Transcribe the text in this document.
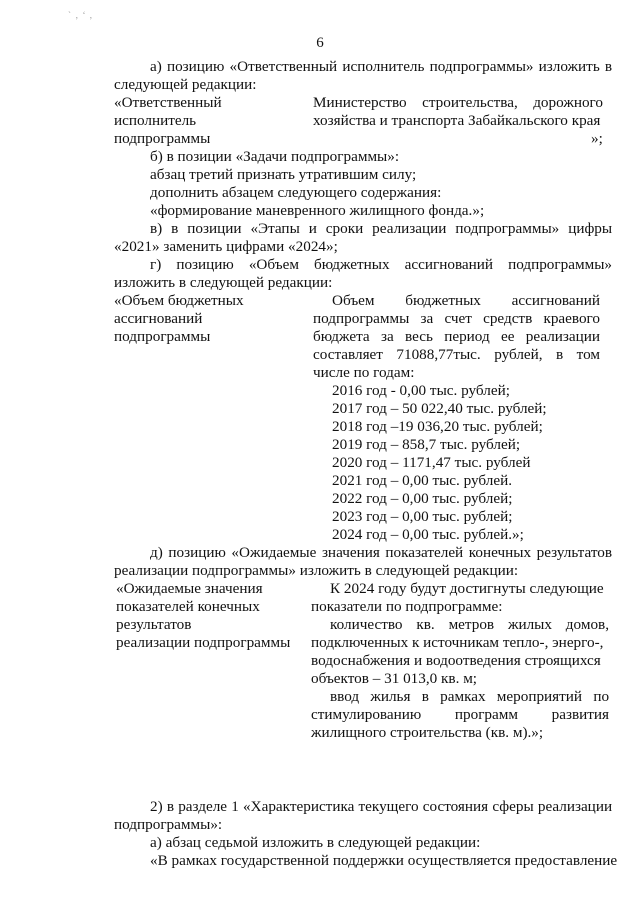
` ‚ ‘ ,
6
а) позицию «Ответственный исполнитель подпрограммы» изложить в
следующей редакции:
«Ответственный
исполнитель
подпрограммы
Министерство строительства, дорожного
хозяйства и транспорта Забайкальского края
»;
б) в позиции «Задачи подпрограммы»:
абзац третий признать утратившим силу;
дополнить абзацем следующего содержания:
«формирование маневренного жилищного фонда.»;
в) в позиции «Этапы и сроки реализации подпрограммы» цифры
«2021» заменить цифрами «2024»;
г) позицию «Объем бюджетных ассигнований подпрограммы»
изложить в следующей редакции:
«Объем бюджетных
ассигнований
подпрограммы
Объем бюджетных ассигнований
подпрограммы за счет средств краевого
бюджета за весь период ее реализации
составляет 71088,77тыс. рублей, в том
числе по годам:
2016 год - 0,00 тыс. рублей;
2017 год – 50 022,40 тыс. рублей;
2018 год –19 036,20 тыс. рублей;
2019 год – 858,7 тыс. рублей;
2020 год – 1171,47 тыс. рублей
2021 год – 0,00 тыс. рублей.
2022 год – 0,00 тыс. рублей;
2023 год – 0,00 тыс. рублей;
2024 год – 0,00 тыс. рублей.»;
д) позицию «Ожидаемые значения показателей конечных результатов
реализации подпрограммы» изложить в следующей редакции:
«Ожидаемые значения
показателей конечных
результатов
реализации подпрограммы
К 2024 году будут достигнуты следующие
показатели по подпрограмме:
количество кв. метров жилых домов,
подключенных к источникам тепло-, энерго-,
водоснабжения и водоотведения строящихся
объектов – 31 013,0 кв. м;
ввод жилья в рамках мероприятий по
стимулированию программ развития
жилищного строительства (кв. м).»;
2) в разделе 1 «Характеристика текущего состояния сферы реализации
подпрограммы»:
а) абзац седьмой изложить в следующей редакции:
«В рамках государственной поддержки осуществляется предоставление
